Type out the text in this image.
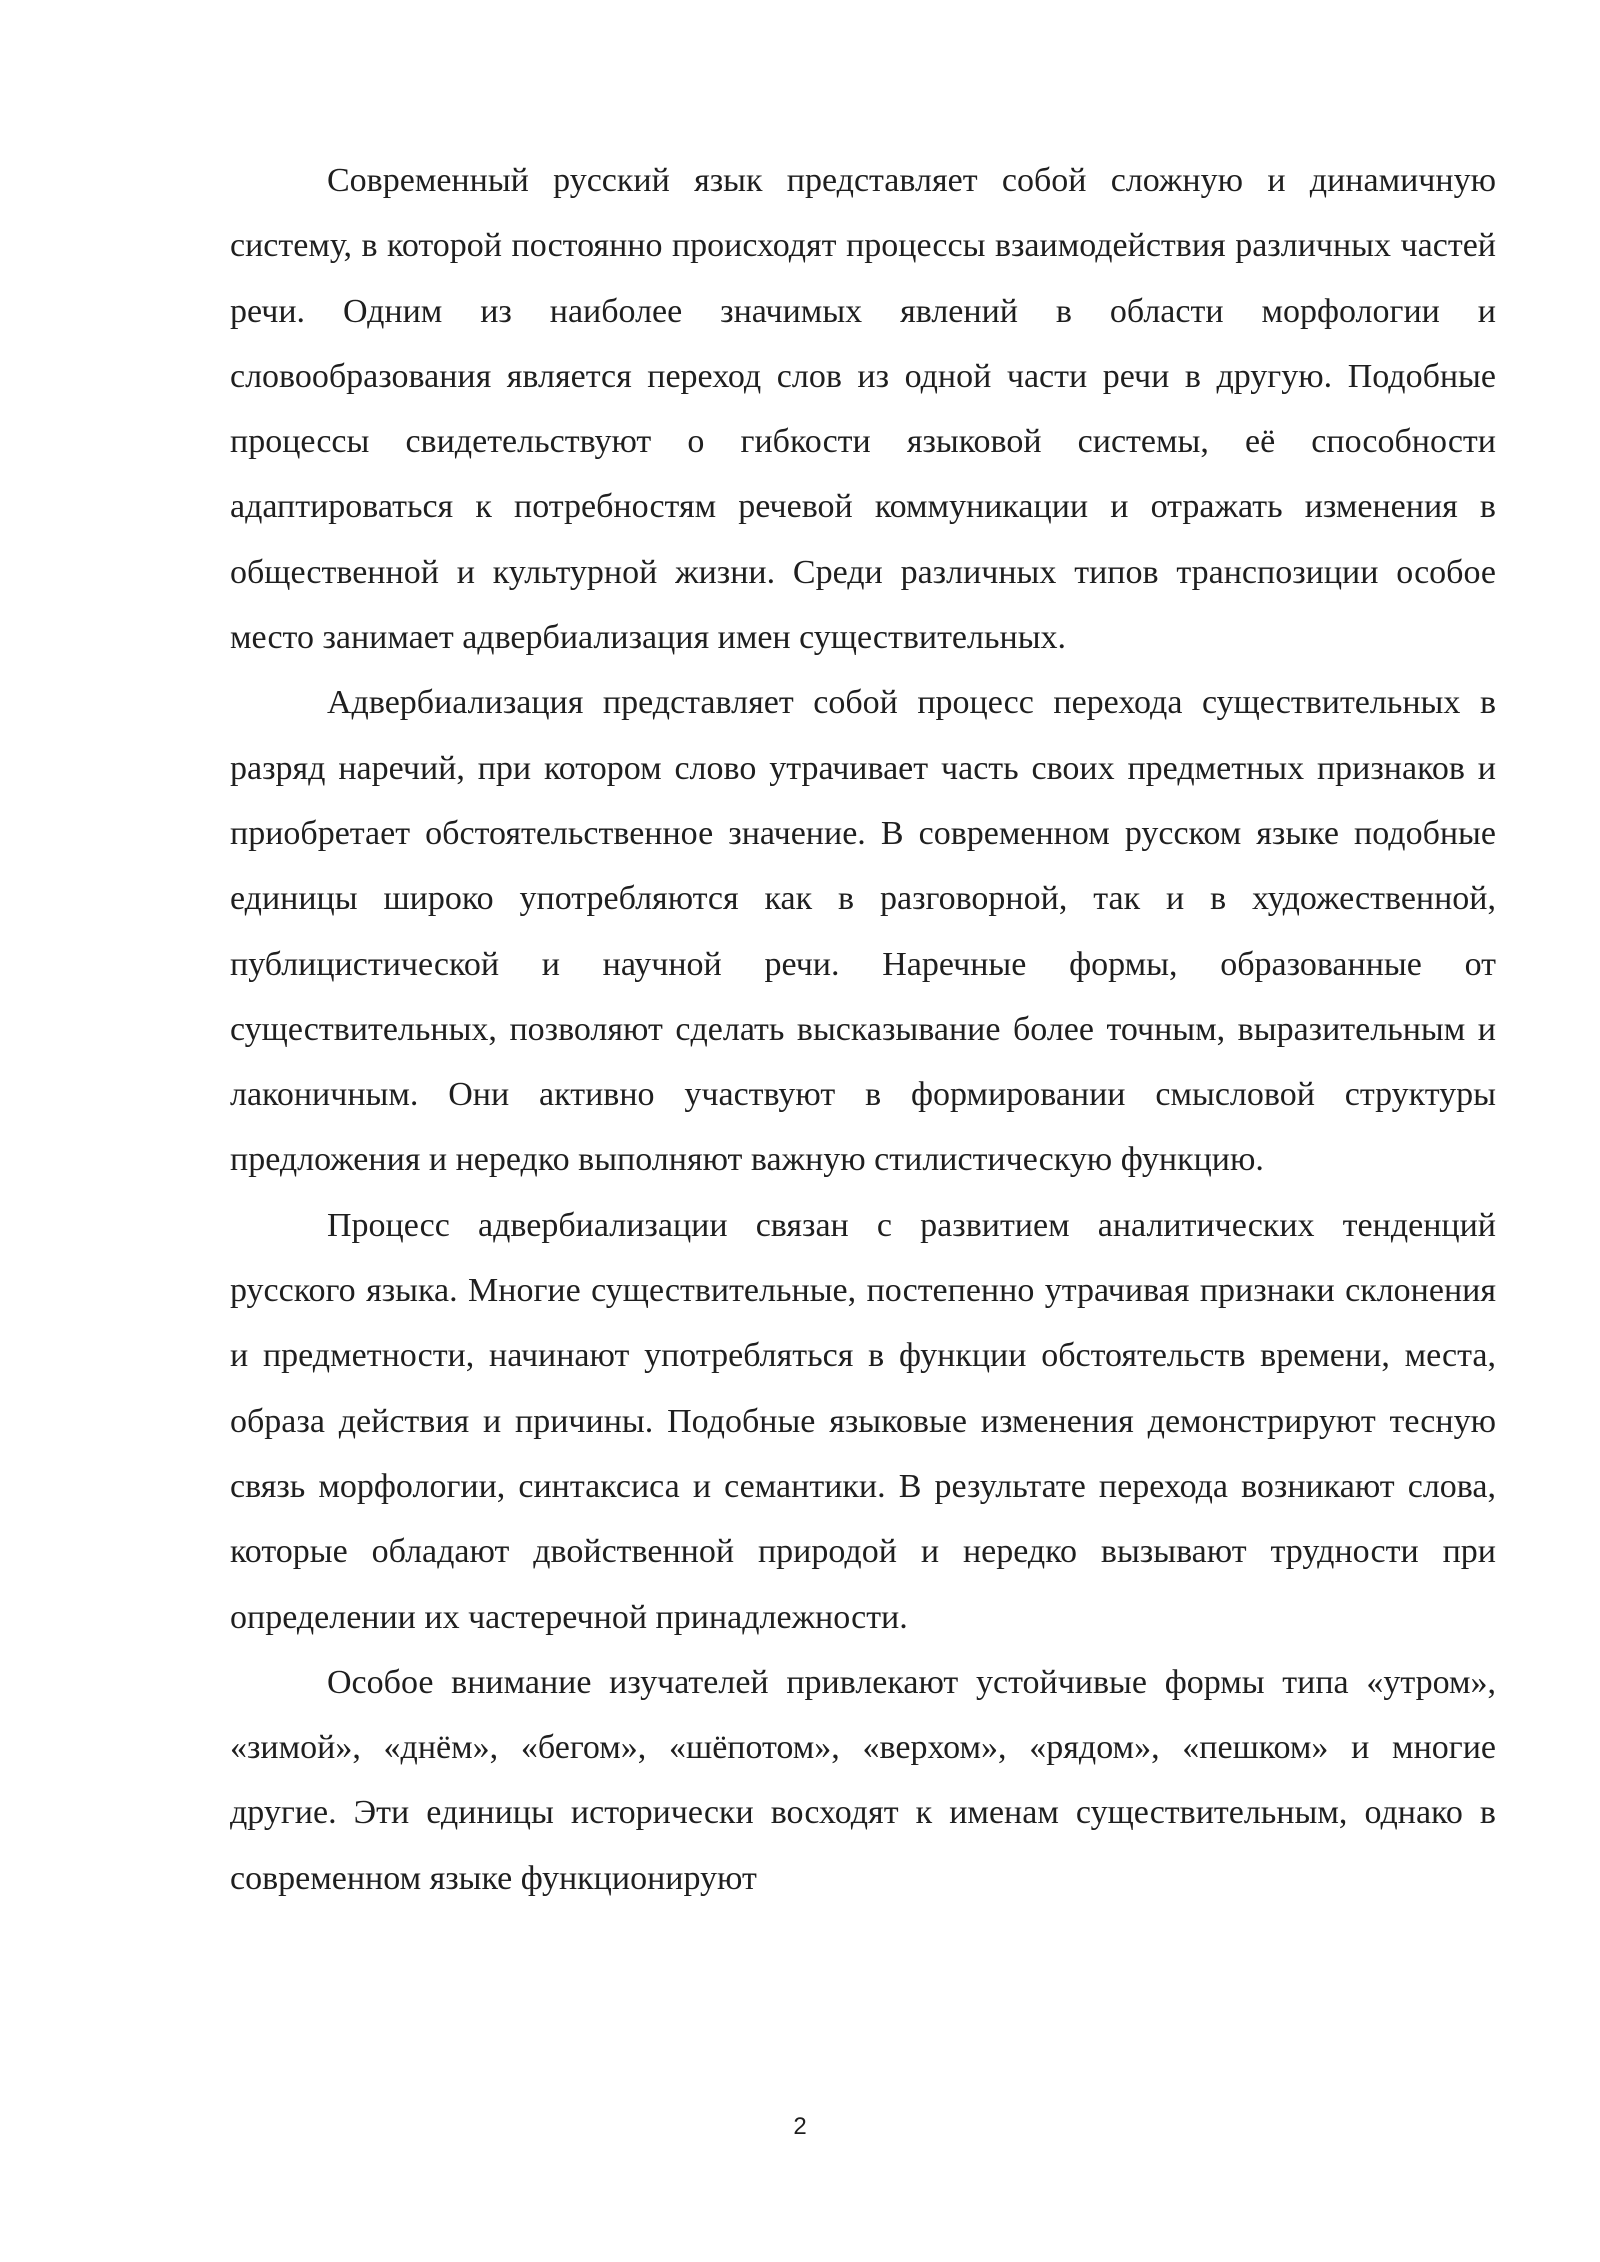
Современный русский язык представляет собой сложную и динамичную систему, в которой постоянно происходят процессы взаимодействия различных частей речи. Одним из наиболее значимых явлений в области морфологии и словообразования является переход слов из одной части речи в другую. Подобные процессы свидетельствуют о гибкости языковой системы, её способности адаптироваться к потребностям речевой коммуникации и отражать изменения в общественной и культурной жизни. Среди различных типов транспозиции особое место занимает адвербиализация имен существительных.

Адвербиализация представляет собой процесс перехода существительных в разряд наречий, при котором слово утрачивает часть своих предметных признаков и приобретает обстоятельственное значение. В современном русском языке подобные единицы широко употребляются как в разговорной, так и в художественной, публицистической и научной речи. Наречные формы, образованные от существительных, позволяют сделать высказывание более точным, выразительным и лаконичным. Они активно участвуют в формировании смысловой структуры предложения и нередко выполняют важную стилистическую функцию.

Процесс адвербиализации связан с развитием аналитических тенденций русского языка. Многие существительные, постепенно утрачивая признаки склонения и предметности, начинают употребляться в функции обстоятельств времени, места, образа действия и причины. Подобные языковые изменения демонстрируют тесную связь морфологии, синтаксиса и семантики. В результате перехода возникают слова, которые обладают двойственной природой и нередко вызывают трудности при определении их частеречной принадлежности.

Особое внимание изучателей привлекают устойчивые формы типа «утром», «зимой», «днём», «бегом», «шёпотом», «верхом», «рядом», «пешком» и многие другие. Эти единицы исторически восходят к именам существительным, однако в современном языке функционируют

2
